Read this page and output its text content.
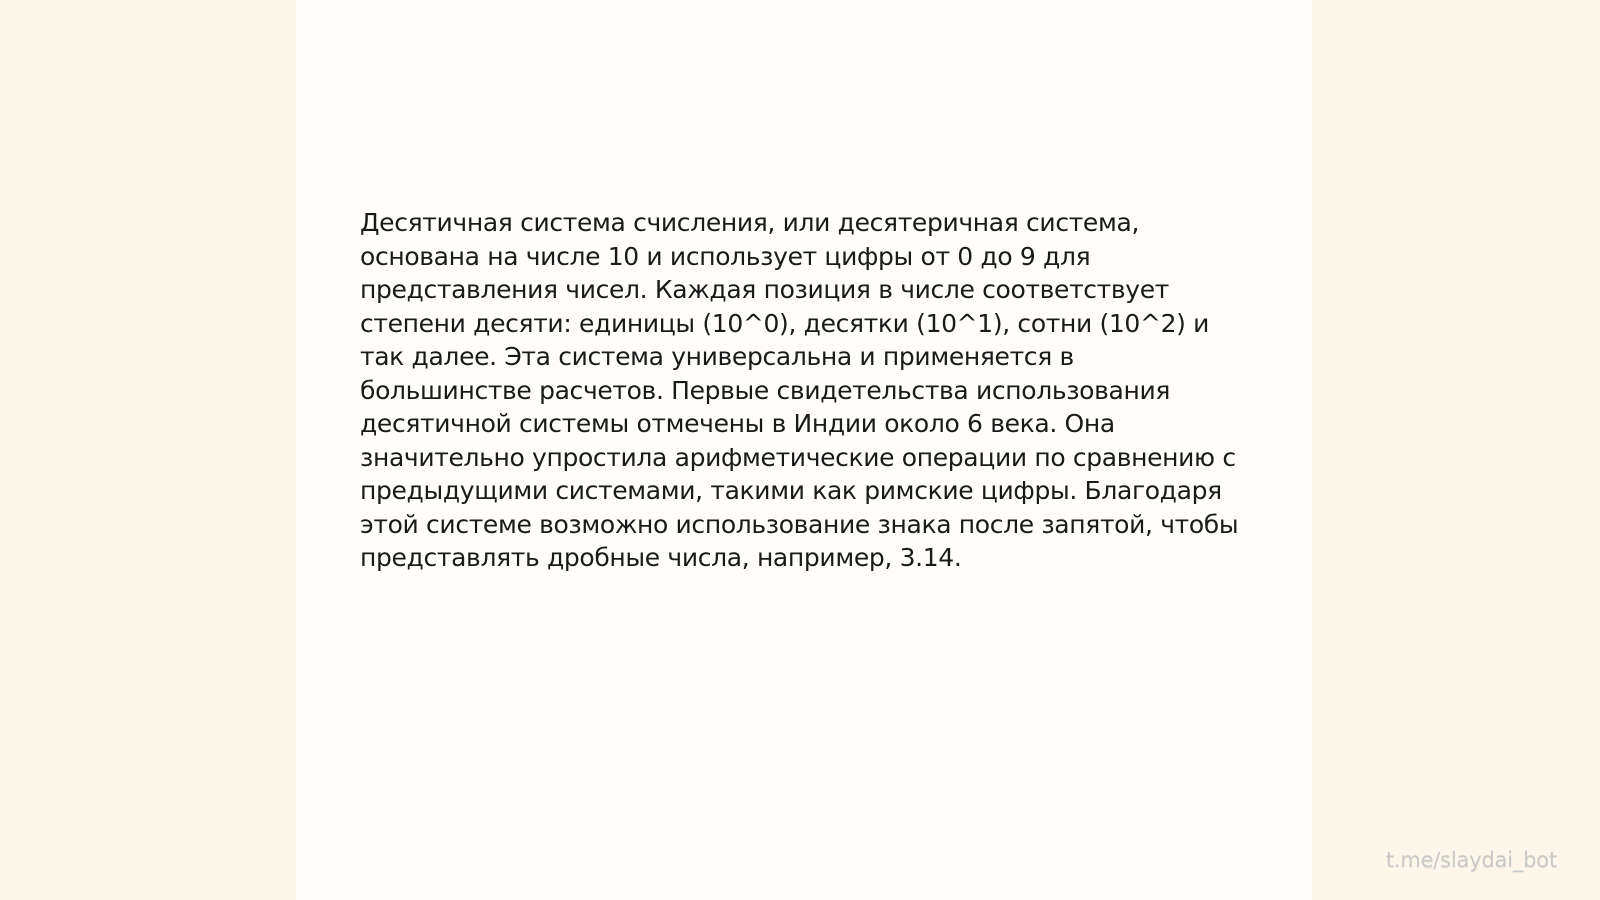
Десятичная система счисления, или десятеричная система, основана на числе 10 и использует цифры от 0 до 9 для представления чисел. Каждая позиция в числе соответствует степени десяти: единицы (10^0), десятки (10^1), сотни (10^2) и так далее. Эта система универсальна и применяется в большинстве расчетов. Первые свидетельства использования десятичной системы отмечены в Индии около 6 века. Она значительно упростила арифметические операции по сравнению с предыдущими системами, такими как римские цифры. Благодаря этой системе возможно использование знака после запятой, чтобы представлять дробные числа, например, 3.14.

t.me/slaydai_bot
